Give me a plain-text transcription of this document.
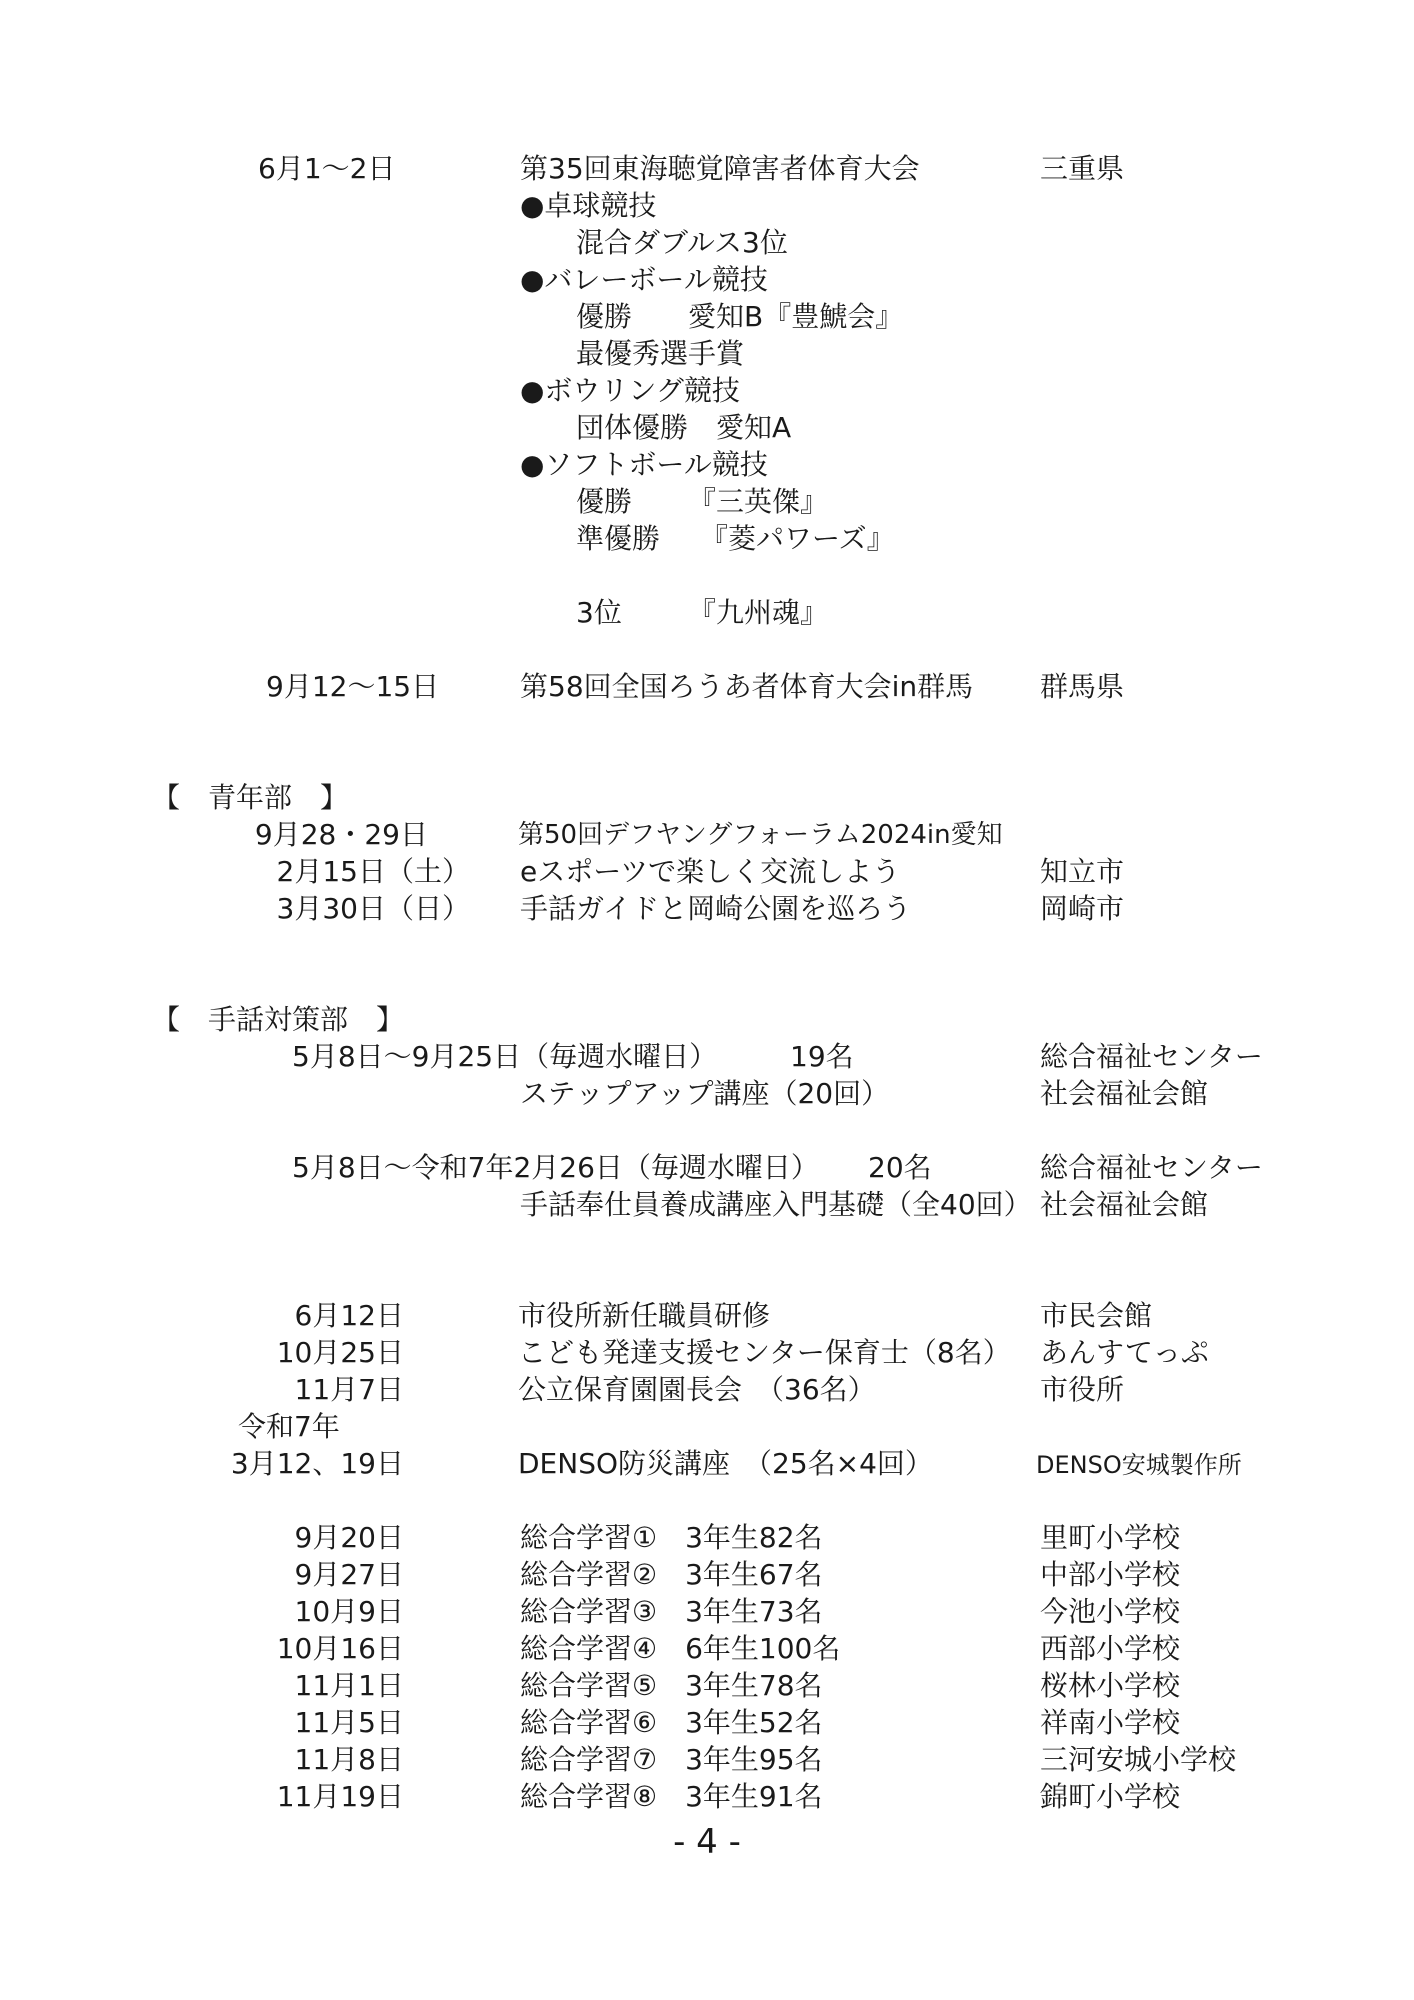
6月1～2日	第35回東海聴覚障害者体育大会	三重県
●卓球競技
混合ダブルス3位
●バレーボール競技
優勝 愛知B『豊鯱会』
最優秀選手賞
●ボウリング競技
団体優勝 愛知A
●ソフトボール競技
優勝 『三英傑』
準優勝 『菱パワーズ』
3位 『九州魂』
9月12～15日	第58回全国ろうあ者体育大会in群馬 群馬県
【　青年部　】
9月28・29日	第50回デフヤングフォーラム2024in愛知
2月15日（土） eスポーツで楽しく交流しよう	知立市
3月30日（日） 手話ガイドと岡崎公園を巡ろう	岡崎市
【　手話対策部　】
5月8日～9月25日（毎週水曜日）	19名	総合福祉センター
ステップアップ講座（20回）	社会福祉会館
5月8日～令和7年2月26日（毎週水曜日） 20名	総合福祉センター
手話奉仕員養成講座入門基礎（全40回） 社会福祉会館
6月12日	市役所新任職員研修	市民会館
10月25日	こども発達支援センター保育士（8名） あんすてっぷ
11月7日	公立保育園園長会　（36名）	市役所
令和7年
3月12、19日	DENSO防災講座　（25名×4回）	DENSO安城製作所
9月20日	総合学習①　3年生82名	里町小学校
9月27日	総合学習②　3年生67名	中部小学校
10月9日	総合学習③　3年生73名	今池小学校
10月16日	総合学習④　6年生100名	西部小学校
11月1日	総合学習⑤　3年生78名	桜林小学校
11月5日	総合学習⑥　3年生52名	祥南小学校
11月8日	総合学習⑦　3年生95名	三河安城小学校
11月19日	総合学習⑧　3年生91名	錦町小学校
- 4 -
